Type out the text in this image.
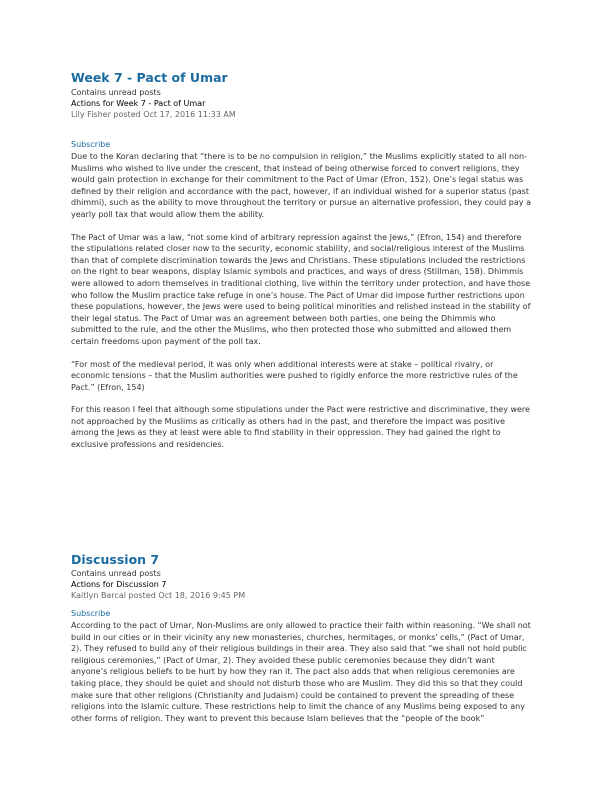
Week 7 - Pact of Umar
Contains unread posts
Actions for Week 7 - Pact of Umar
Lily Fisher posted Oct 17, 2016 11:33 AM
Subscribe

Due to the Koran declaring that “there is to be no compulsion in religion,” the Muslims explicitly stated to all non-Muslims who wished to live under the crescent, that instead of being otherwise forced to convert religions, they would gain protection in exchange for their commitment to the Pact of Umar (Efron, 152). One’s legal status was defined by their religion and accordance with the pact, however, if an individual wished for a superior status (past dhimmi), such as the ability to move throughout the territory or pursue an alternative profession, they could pay a yearly poll tax that would allow them the ability.

The Pact of Umar was a law, “not some kind of arbitrary repression against the Jews,” (Efron, 154) and therefore the stipulations related closer now to the security, economic stability, and social/religious interest of the Muslims than that of complete discrimination towards the Jews and Christians. These stipulations included the restrictions on the right to bear weapons, display Islamic symbols and practices, and ways of dress (Stillman, 158). Dhimmis were allowed to adorn themselves in traditional clothing, live within the territory under protection, and have those who follow the Muslim practice take refuge in one’s house. The Pact of Umar did impose further restrictions upon these populations, however, the Jews were used to being political minorities and relished instead in the stability of their legal status. The Pact of Umar was an agreement between both parties, one being the Dhimmis who submitted to the rule, and the other the Muslims, who then protected those who submitted and allowed them certain freedoms upon payment of the poll tax.

“For most of the medieval period, it was only when additional interests were at stake – political rivalry, or economic tensions – that the Muslim authorities were pushed to rigidly enforce the more restrictive rules of the Pact.” (Efron, 154)

For this reason I feel that although some stipulations under the Pact were restrictive and discriminative, they were not approached by the Muslims as critically as others had in the past, and therefore the impact was positive among the Jews as they at least were able to find stability in their oppression. They had gained the right to exclusive professions and residencies.

Discussion 7
Contains unread posts
Actions for Discussion 7
Kaitlyn Barcal posted Oct 18, 2016 9:45 PM
Subscribe

According to the pact of Umar, Non-Muslims are only allowed to practice their faith within reasoning. “We shall not build in our cities or in their vicinity any new monasteries, churches, hermitages, or monks' cells,” (Pact of Umar, 2). They refused to build any of their religious buildings in their area. They also said that “we shall not hold public religious ceremonies,” (Pact of Umar, 2). They avoided these public ceremonies because they didn’t want anyone’s religious beliefs to be hurt by how they ran it. The pact also adds that when religious ceremonies are taking place, they should be quiet and should not disturb those who are Muslim. They did this so that they could make sure that other religions (Christianity and Judaism) could be contained to prevent the spreading of these religions into the Islamic culture. These restrictions help to limit the chance of any Muslims being exposed to any other forms of religion. They want to prevent this because Islam believes that the “people of the book”
